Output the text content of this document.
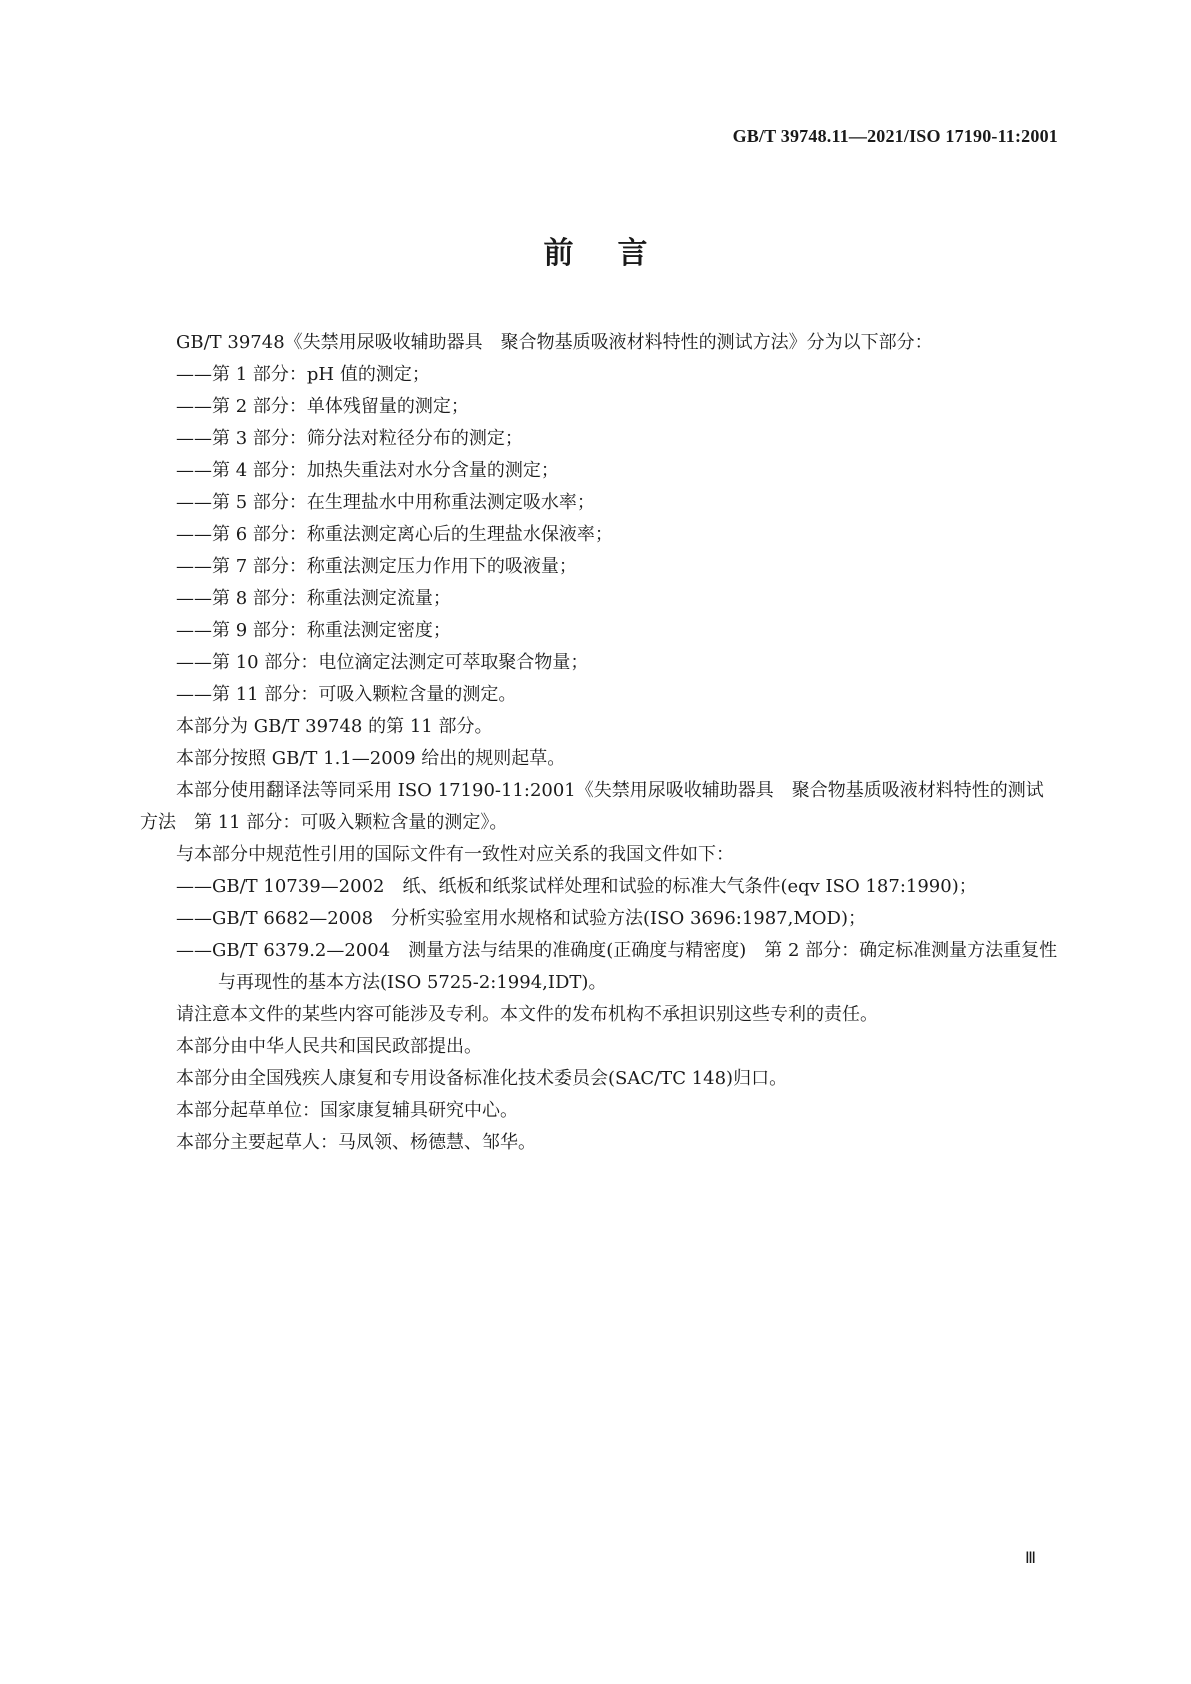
GB/T 39748.11—2021/ISO 17190-11:2001
前言

GB/T 39748《失禁用尿吸收辅助器具　聚合物基质吸液材料特性的测试方法》分为以下部分：

——第 1 部分：pH 值的测定；

——第 2 部分：单体残留量的测定；

——第 3 部分：筛分法对粒径分布的测定；

——第 4 部分：加热失重法对水分含量的测定；

——第 5 部分：在生理盐水中用称重法测定吸水率；

——第 6 部分：称重法测定离心后的生理盐水保液率；

——第 7 部分：称重法测定压力作用下的吸液量；

——第 8 部分：称重法测定流量；

——第 9 部分：称重法测定密度；

——第 10 部分：电位滴定法测定可萃取聚合物量；

——第 11 部分：可吸入颗粒含量的测定。

本部分为 GB/T 39748 的第 11 部分。

本部分按照 GB/T 1.1—2009 给出的规则起草。

本部分使用翻译法等同采用 ISO 17190-11:2001《失禁用尿吸收辅助器具　聚合物基质吸液材料特性的测试方法　第 11 部分：可吸入颗粒含量的测定》。

与本部分中规范性引用的国际文件有一致性对应关系的我国文件如下：

——GB/T 10739—2002　纸、纸板和纸浆试样处理和试验的标准大气条件(eqv ISO 187:1990)；

——GB/T 6682—2008　分析实验室用水规格和试验方法(ISO 3696:1987,MOD)；

——GB/T 6379.2—2004　测量方法与结果的准确度(正确度与精密度)　第 2 部分：确定标准测量方法重复性与再现性的基本方法(ISO 5725-2:1994,IDT)。

请注意本文件的某些内容可能涉及专利。本文件的发布机构不承担识别这些专利的责任。

本部分由中华人民共和国民政部提出。

本部分由全国残疾人康复和专用设备标准化技术委员会(SAC/TC 148)归口。

本部分起草单位：国家康复辅具研究中心。

本部分主要起草人：马凤领、杨德慧、邹华。

Ⅲ
